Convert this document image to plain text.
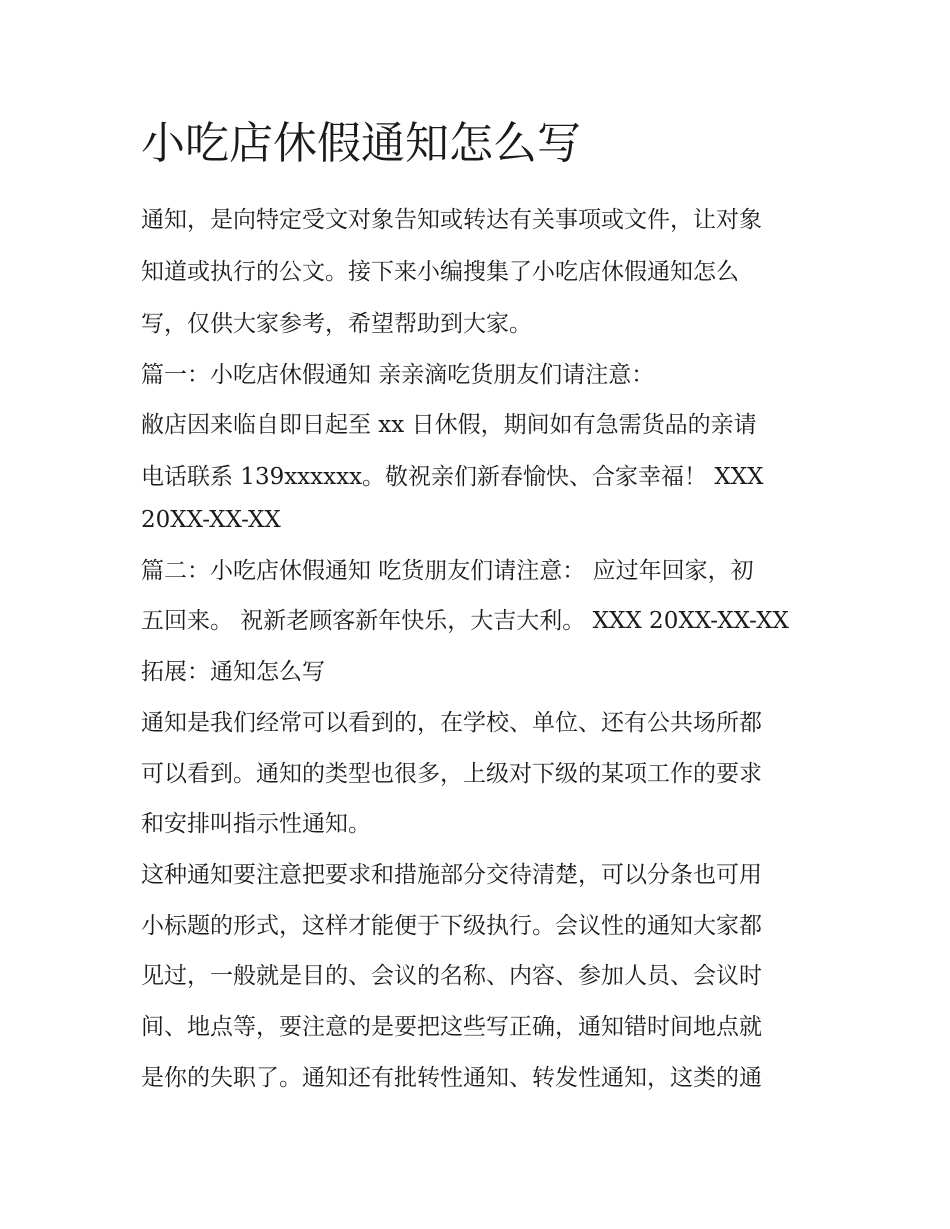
小吃店休假通知怎么写
通知，是向特定受文对象告知或转达有关事项或文件，让对象
知道或执行的公文。接下来小编搜集了小吃店休假通知怎么
写，仅供大家参考，希望帮助到大家。
篇一：小吃店休假通知 亲亲滴吃货朋友们请注意：
敝店因来临自即日起至 xx 日休假，期间如有急需货品的亲请
电话联系 139xxxxxx。敬祝亲们新春愉快、合家幸福！ XXX
20XX-XX-XX
篇二：小吃店休假通知 吃货朋友们请注意： 应过年回家，初
五回来。 祝新老顾客新年快乐，大吉大利。 XXX 20XX-XX-XX
拓展：通知怎么写
通知是我们经常可以看到的，在学校、单位、还有公共场所都
可以看到。通知的类型也很多，上级对下级的某项工作的要求
和安排叫指示性通知。
这种通知要注意把要求和措施部分交待清楚，可以分条也可用
小标题的形式，这样才能便于下级执行。会议性的通知大家都
见过，一般就是目的、会议的名称、内容、参加人员、会议时
间、地点等，要注意的是要把这些写正确，通知错时间地点就
是你的失职了。通知还有批转性通知、转发性通知，这类的通
